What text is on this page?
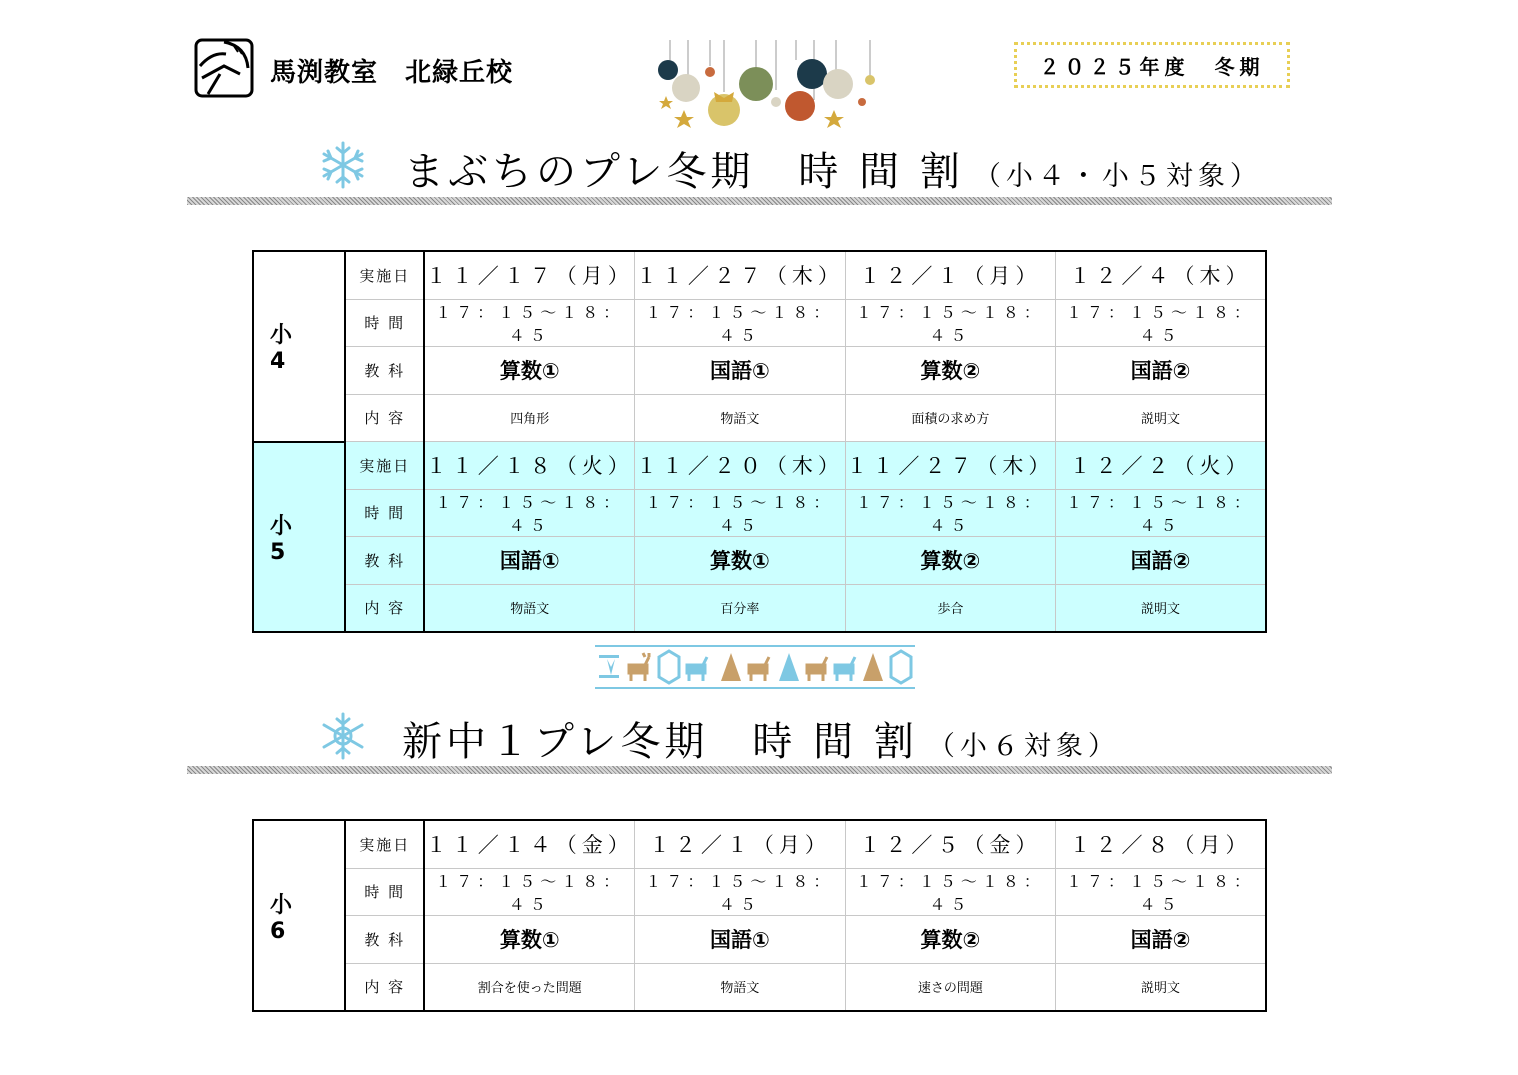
馬渕教室　北緑丘校	２０２５年度　冬期
まぶちのプレ冬期　時 間 割 （小４・小５対象）
小 4	実施日	１１／１７（月）	１１／２７（木）	１２／１（月）	１２／４（木）
	時 間	１７：１５～１８：４５	１７：１５～１８：４５	１７：１５～１８：４５	１７：１５～１８：４５
	教 科	算数①	国語①	算数②	国語②
	内 容	四角形	物語文	面積の求め方	説明文
小 5	実施日	１１／１８（火）	１１／２０（木）	１１／２７（木）	１２／２（火）
	時 間	１７：１５～１８：４５	１７：１５～１８：４５	１７：１５～１８：４５	１７：１５～１８：４５
	教 科	国語①	算数①	算数②	国語②
	内 容	物語文	百分率	歩合	説明文
新中１プレ冬期　時 間 割 （小６対象）
小 6	実施日	１１／１４（金）	１２／１（月）	１２／５（金）	１２／８（月）
	時 間	１７：１５～１８：４５	１７：１５～１８：４５	１７：１５～１８：４５	１７：１５～１８：４５
	教 科	算数①	国語①	算数②	国語②
	内 容	割合を使った問題	物語文	速さの問題	説明文
